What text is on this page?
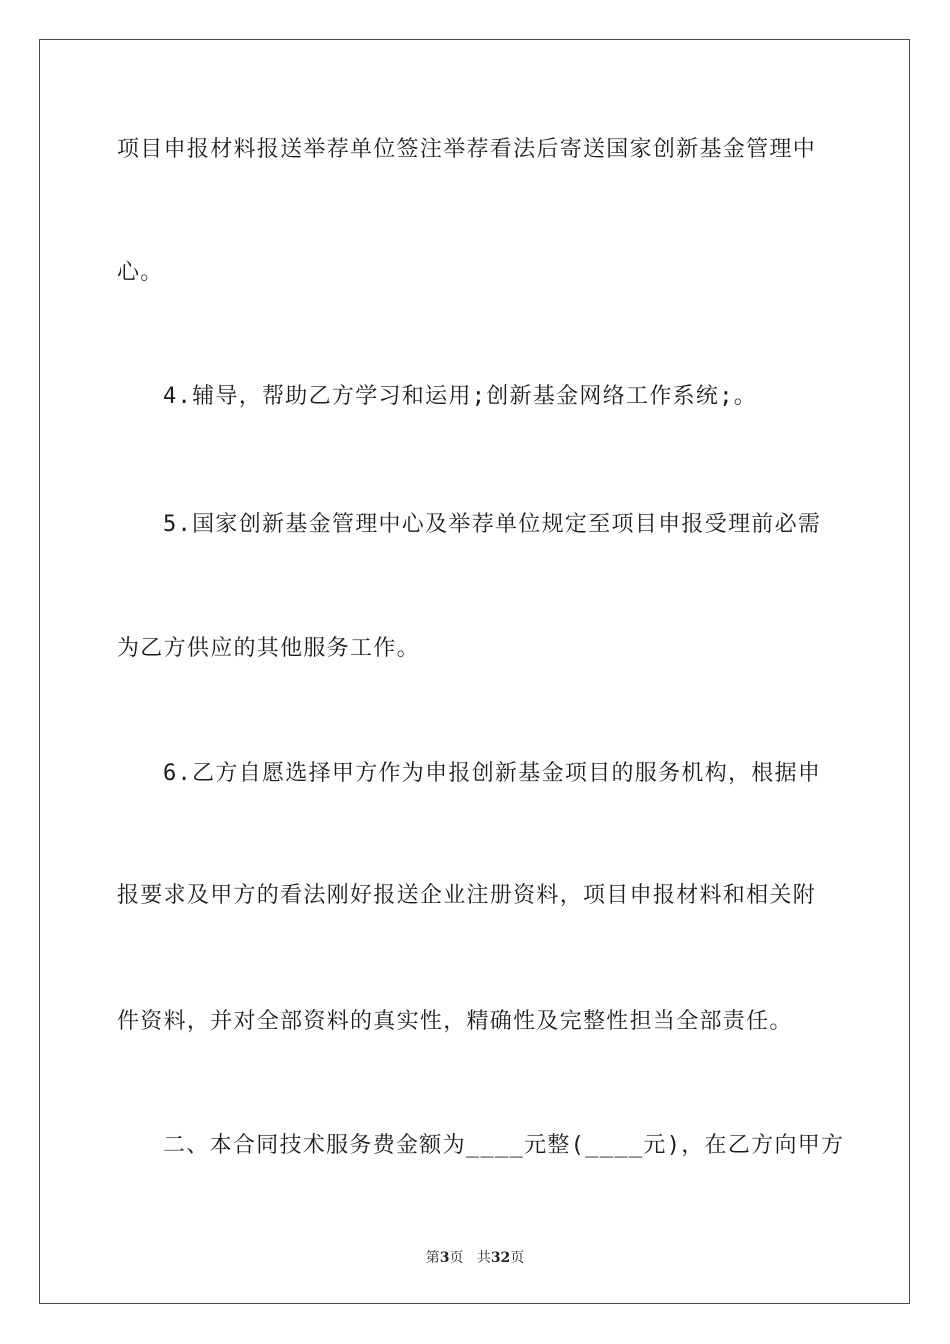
项目申报材料报送举荐单位签注举荐看法后寄送国家创新基金管理中
心。
4.辅导，帮助乙方学习和运用;创新基金网络工作系统;。
5.国家创新基金管理中心及举荐单位规定至项目申报受理前必需
为乙方供应的其他服务工作。
6.乙方自愿选择甲方作为申报创新基金项目的服务机构，根据申
报要求及甲方的看法刚好报送企业注册资料，项目申报材料和相关附
件资料，并对全部资料的真实性，精确性及完整性担当全部责任。
二、本合同技术服务费金额为____元整(____元)，在乙方向甲方
第3页 共32页
